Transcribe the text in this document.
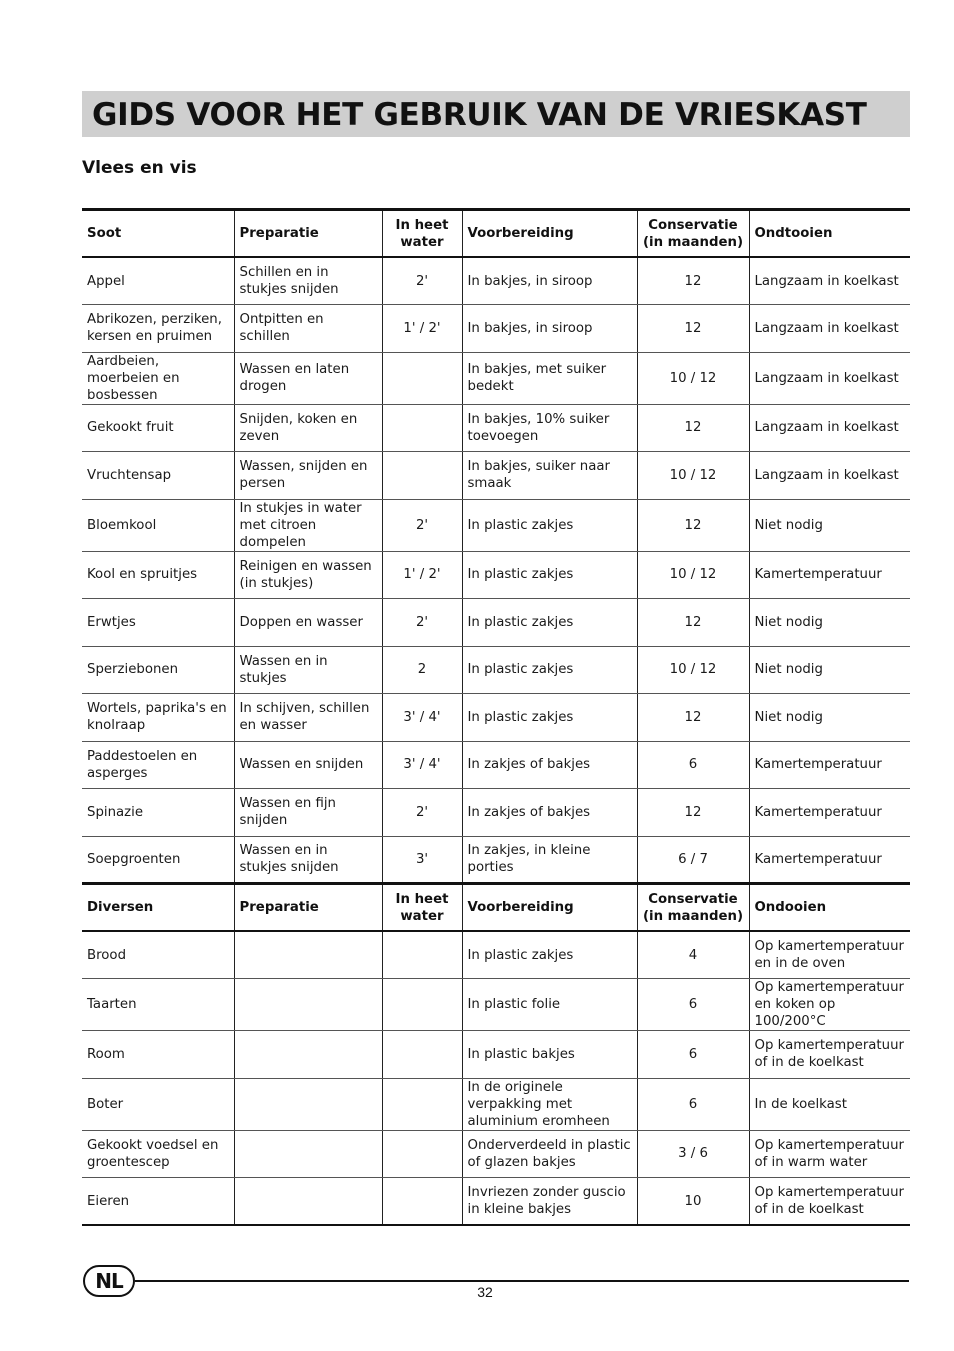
GIDS VOOR HET GEBRUIK VAN DE VRIESKAST
Vlees en vis
Soot	Preparatie	In heet water	Voorbereiding	Conservatie (in maanden)	Ondtooien
Appel	Schillen en in stukjes snijden	2'	In bakjes, in siroop	12	Langzaam in koelkast
Abrikozen, perziken, kersen en pruimen	Ontpitten en schillen	1' / 2'	In bakjes, in siroop	12	Langzaam in koelkast
Aardbeien, moerbeien en bosbessen	Wassen en laten drogen		In bakjes, met suiker bedekt	10 / 12	Langzaam in koelkast
Gekookt fruit	Snijden, koken en zeven		In bakjes, 10% suiker toevoegen	12	Langzaam in koelkast
Vruchtensap	Wassen, snijden en persen		In bakjes, suiker naar smaak	10 / 12	Langzaam in koelkast
Bloemkool	In stukjes in water met citroen dompelen	2'	In plastic zakjes	12	Niet nodig
Kool en spruitjes	Reinigen en wassen (in stukjes)	1' / 2'	In plastic zakjes	10 / 12	Kamertemperatuur
Erwtjes	Doppen en wasser	2'	In plastic zakjes	12	Niet nodig
Sperziebonen	Wassen en in stukjes	2	In plastic zakjes	10 / 12	Niet nodig
Wortels, paprika's en knolraap	In schijven, schillen en wasser	3' / 4'	In plastic zakjes	12	Niet nodig
Paddestoelen en asperges	Wassen en snijden	3' / 4'	In zakjes of bakjes	6	Kamertemperatuur
Spinazie	Wassen en fijn snijden	2'	In zakjes of bakjes	12	Kamertemperatuur
Soepgroenten	Wassen en in stukjes snijden	3'	In zakjes, in kleine porties	6 / 7	Kamertemperatuur
Diversen	Preparatie	In heet water	Voorbereiding	Conservatie (in maanden)	Ondooien
Brood			In plastic zakjes	4	Op kamertemperatuur en in de oven
Taarten			In plastic folie	6	Op kamertemperatuur en koken op 100/200°C
Room			In plastic bakjes	6	Op kamertemperatuur of in de koelkast
Boter			In de originele verpakking met aluminium eromheen	6	In de koelkast
Gekookt voedsel en groentescep			Onderverdeeld in plastic of glazen bakjes	3 / 6	Op kamertemperatuur of in warm water
Eieren			Invriezen zonder guscio in kleine bakjes	10	Op kamertemperatuur of in de koelkast
NL	32
